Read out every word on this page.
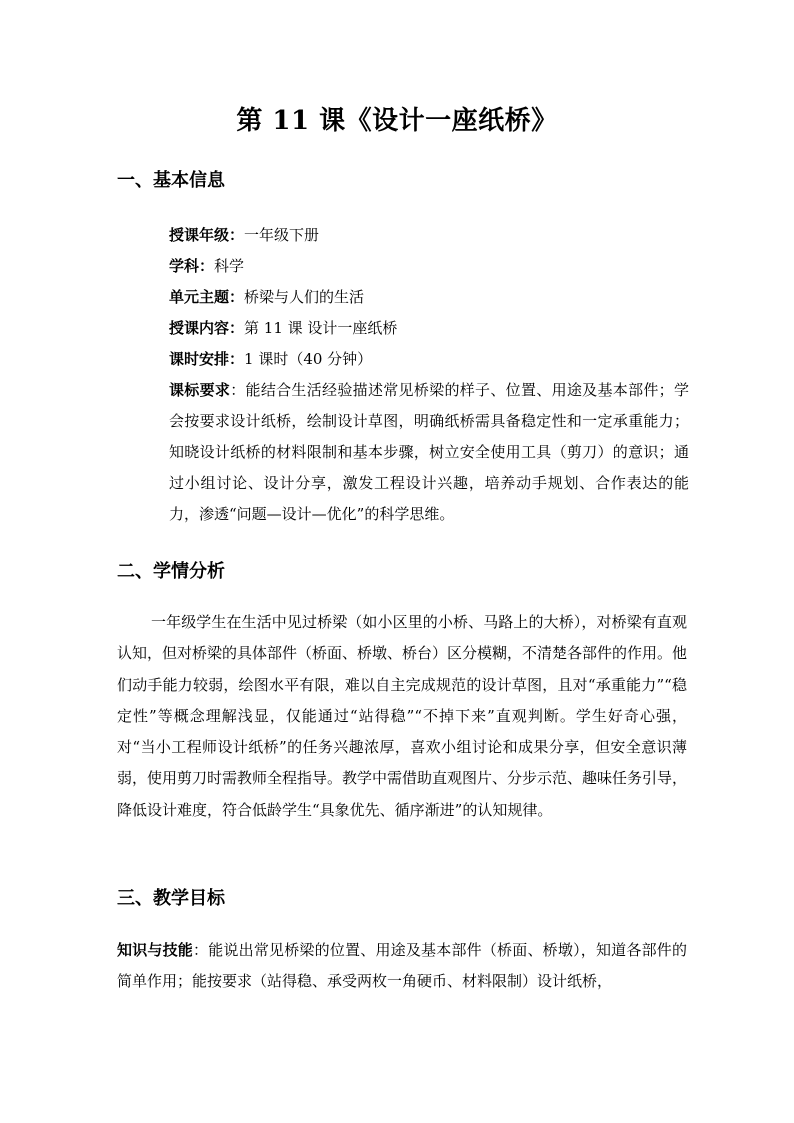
第 11 课《设计一座纸桥》
一、基本信息
授课年级：一年级下册
学科：科学
单元主题：桥梁与人们的生活
授课内容：第 11 课 设计一座纸桥
课时安排：1 课时（40 分钟）
课标要求：能结合生活经验描述常见桥梁的样子、位置、用途及基本部件；学会按要求设计纸桥，绘制设计草图，明确纸桥需具备稳定性和一定承重能力；知晓设计纸桥的材料限制和基本步骤，树立安全使用工具（剪刀）的意识；通过小组讨论、设计分享，激发工程设计兴趣，培养动手规划、合作表达的能力，渗透“问题—设计—优化”的科学思维。
二、学情分析
一年级学生在生活中见过桥梁（如小区里的小桥、马路上的大桥），对桥梁有直观认知，但对桥梁的具体部件（桥面、桥墩、桥台）区分模糊，不清楚各部件的作用。他们动手能力较弱，绘图水平有限，难以自主完成规范的设计草图，且对“承重能力”“稳定性”等概念理解浅显，仅能通过“站得稳”“不掉下来”直观判断。学生好奇心强，对“当小工程师设计纸桥”的任务兴趣浓厚，喜欢小组讨论和成果分享，但安全意识薄弱，使用剪刀时需教师全程指导。教学中需借助直观图片、分步示范、趣味任务引导，降低设计难度，符合低龄学生“具象优先、循序渐进”的认知规律。
三、教学目标
知识与技能：能说出常见桥梁的位置、用途及基本部件（桥面、桥墩），知道各部件的简单作用；能按要求（站得稳、承受两枚一角硬币、材料限制）设计纸桥，
